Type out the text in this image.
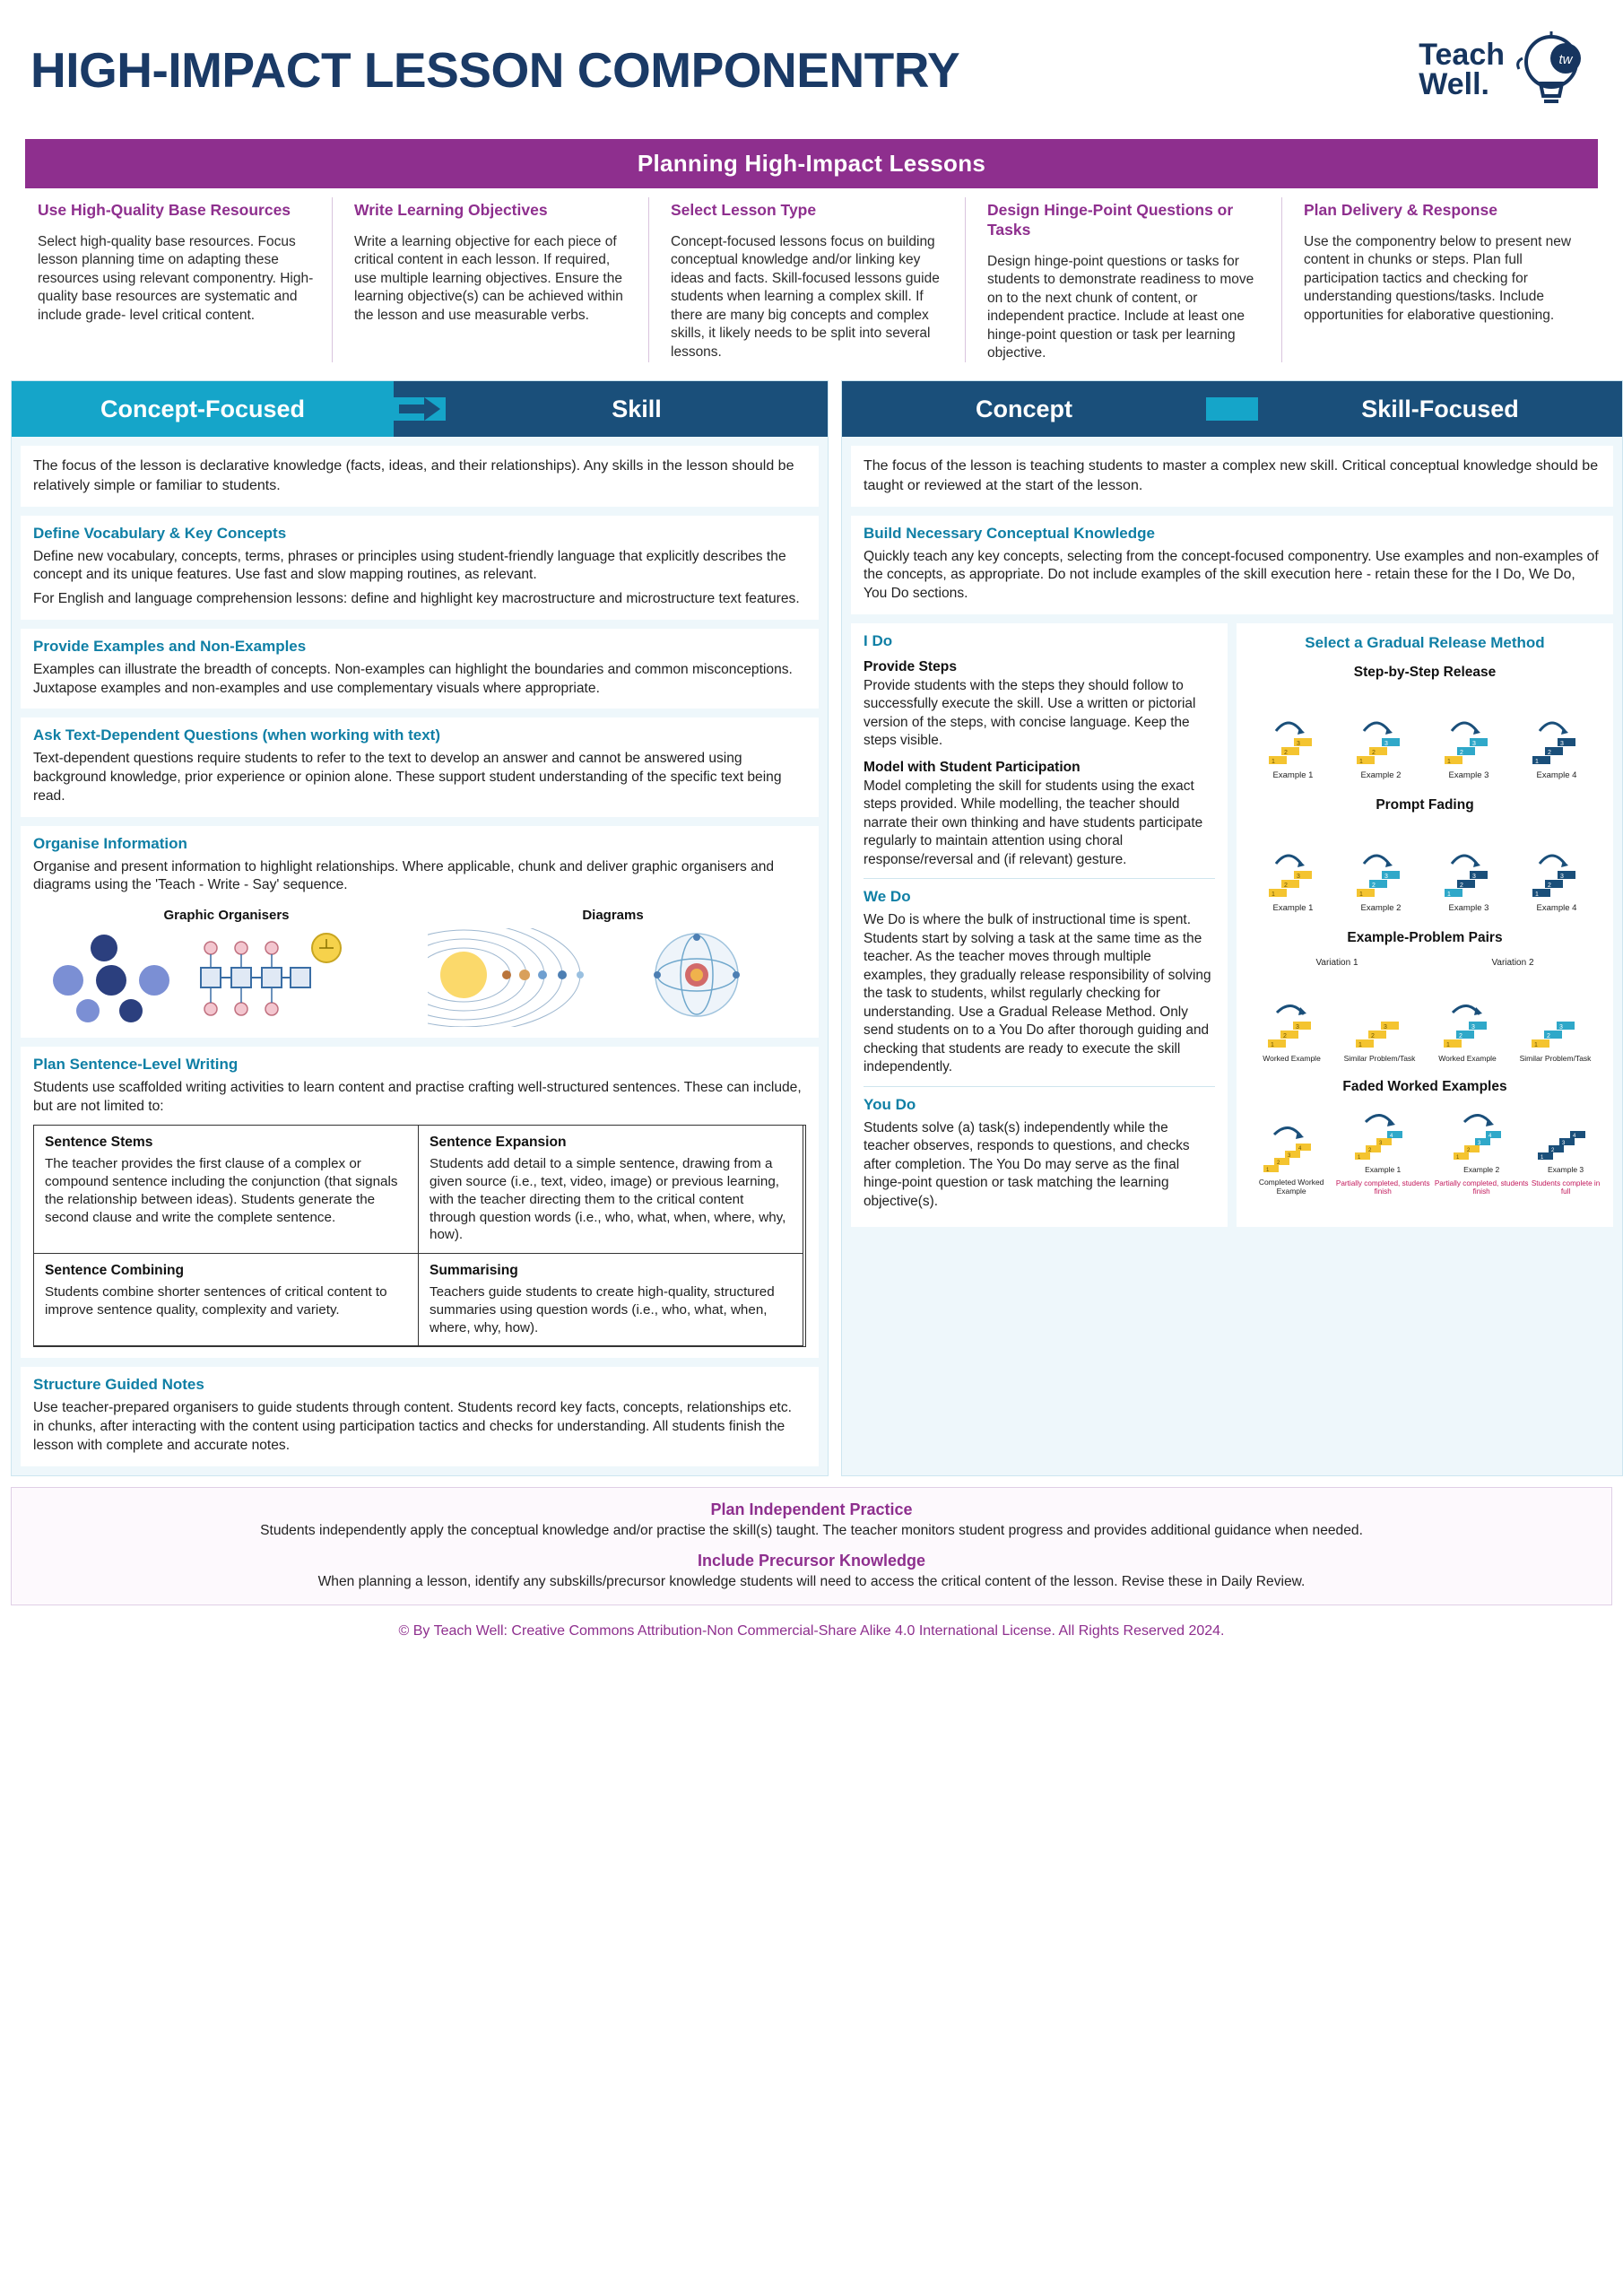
HIGH-IMPACT LESSON COMPONENTRY	Teach
Well.
tw
Planning High-Impact Lessons
Use High-Quality Base Resources

Select high-quality base resources. Focus lesson planning time on adapting these resources using relevant componentry. High-quality base resources are systematic and include grade- level critical content.

Write Learning Objectives

Write a learning objective for each piece of critical content in each lesson. If required, use multiple learning objectives. Ensure the learning objective(s) can be achieved within the lesson and use measurable verbs.

Select Lesson Type

Concept-focused lessons focus on building conceptual knowledge and/or linking key ideas and facts. Skill-focused lessons guide students when learning a complex skill. If there are many big concepts and complex skills, it likely needs to be split into several lessons.

Design Hinge-Point Questions or Tasks

Design hinge-point questions or tasks for students to demonstrate readiness to move on to the next chunk of content, or independent practice. Include at least one hinge-point question or task per learning objective.

Plan Delivery & Response

Use the componentry below to present new content in chunks or steps. Plan full participation tactics and checking for understanding questions/tasks. Include opportunities for elaborative questioning.

Concept-Focused	Skill
The focus of the lesson is declarative knowledge (facts, ideas, and their relationships). Any skills in the lesson should be relatively simple or familiar to students.
Define Vocabulary & Key Concepts

Define new vocabulary, concepts, terms, phrases or principles using student-friendly language that explicitly describes the concept and its unique features. Use fast and slow mapping routines, as relevant.

For English and language comprehension lessons: define and highlight key macrostructure and microstructure text features.

Provide Examples and Non-Examples

Examples can illustrate the breadth of concepts. Non-examples can highlight the boundaries and common misconceptions. Juxtapose examples and non-examples and use complementary visuals where appropriate.

Ask Text-Dependent Questions (when working with text)

Text-dependent questions require students to refer to the text to develop an answer and cannot be answered using background knowledge, prior experience or opinion alone. These support student understanding of the specific text being read.

Organise Information

Organise and present information to highlight relationships. Where applicable, chunk and deliver graphic organisers and diagrams using the 'Teach - Write - Say' sequence.

Graphic Organisers	Diagrams
Plan Sentence-Level Writing

Students use scaffolded writing activities to learn content and practise crafting well-structured sentences. These can include, but are not limited to:

Sentence Stems

The teacher provides the first clause of a complex or compound sentence including the conjunction (that signals the relationship between ideas). Students generate the second clause and write the complete sentence.

Sentence Expansion

Students add detail to a simple sentence, drawing from a given source (i.e., text, video, image) or previous learning, with the teacher directing them to the critical content through question words (i.e., who, what, when, where, why, how).

Sentence Combining

Students combine shorter sentences of critical content to improve sentence quality, complexity and variety.

Summarising

Teachers guide students to create high-quality, structured summaries using question words (i.e., who, what, when, where, why, how).

Structure Guided Notes

Use teacher-prepared organisers to guide students through content. Students record key facts, concepts, relationships etc. in chunks, after interacting with the content using participation tactics and checks for understanding. All students finish the lesson with complete and accurate notes.

Concept	Skill-Focused
The focus of the lesson is teaching students to master a complex new skill. Critical conceptual knowledge should be taught or reviewed at the start of the lesson.
Build Necessary Conceptual Knowledge

Quickly teach any key concepts, selecting from the concept-focused componentry. Use examples and non-examples of the concepts, as appropriate. Do not include examples of the skill execution here - retain these for the I Do, We Do, You Do sections.

I Do
Provide Steps

Provide students with the steps they should follow to successfully execute the skill. Use a written or pictorial version of the steps, with concise language. Keep the steps visible.

Model with Student Participation

Model completing the skill for students using the exact steps provided. While modelling, the teacher should narrate their own thinking and have students participate regularly to maintain attention using choral response/reversal and (if relevant) gesture.

We Do

We Do is where the bulk of instructional time is spent. Students start by solving a task at the same time as the teacher. As the teacher moves through multiple examples, they gradually release responsibility of solving the task to students, whilst regularly checking for understanding. Use a Gradual Release Method. Only send students on to a You Do after thorough guiding and checking that students are ready to execute the skill independently.

You Do

Students solve (a) task(s) independently while the teacher observes, responds to questions, and checks after completion. The You Do may serve as the final hinge-point question or task matching the learning objective(s).

Select a Gradual Release Method
Step-by-Step Release
1
2
3
Example 1
1
2
3
Example 2
1
2
3
Example 3
1
2
3
Example 4
Prompt Fading
1
2
3
Example 1
1
2
3
Example 2
1
2
3
Example 3
1
2
3
Example 4
Example-Problem Pairs
Variation 1	Variation 2
1
2
3
Worked Example
1
2
3
Similar Problem/Task
1
2
3
Worked Example
1
2
3
Similar Problem/Task
Faded Worked Examples
1
2
3
4
Completed Worked Example
1
2
3
4
Example 1
Partially completed, students finish
1
2
3
4
Example 2
Partially completed, students finish
1
2
3
4
Example 3
Students complete in full
Plan Independent Practice

Students independently apply the conceptual knowledge and/or practise the skill(s) taught. The teacher monitors student progress and provides additional guidance when needed.

Include Precursor Knowledge

When planning a lesson, identify any subskills/precursor knowledge students will need to access the critical content of the lesson. Revise these in Daily Review.

© By Teach Well: Creative Commons Attribution-Non Commercial-Share Alike 4.0 International License. All Rights Reserved 2024.
